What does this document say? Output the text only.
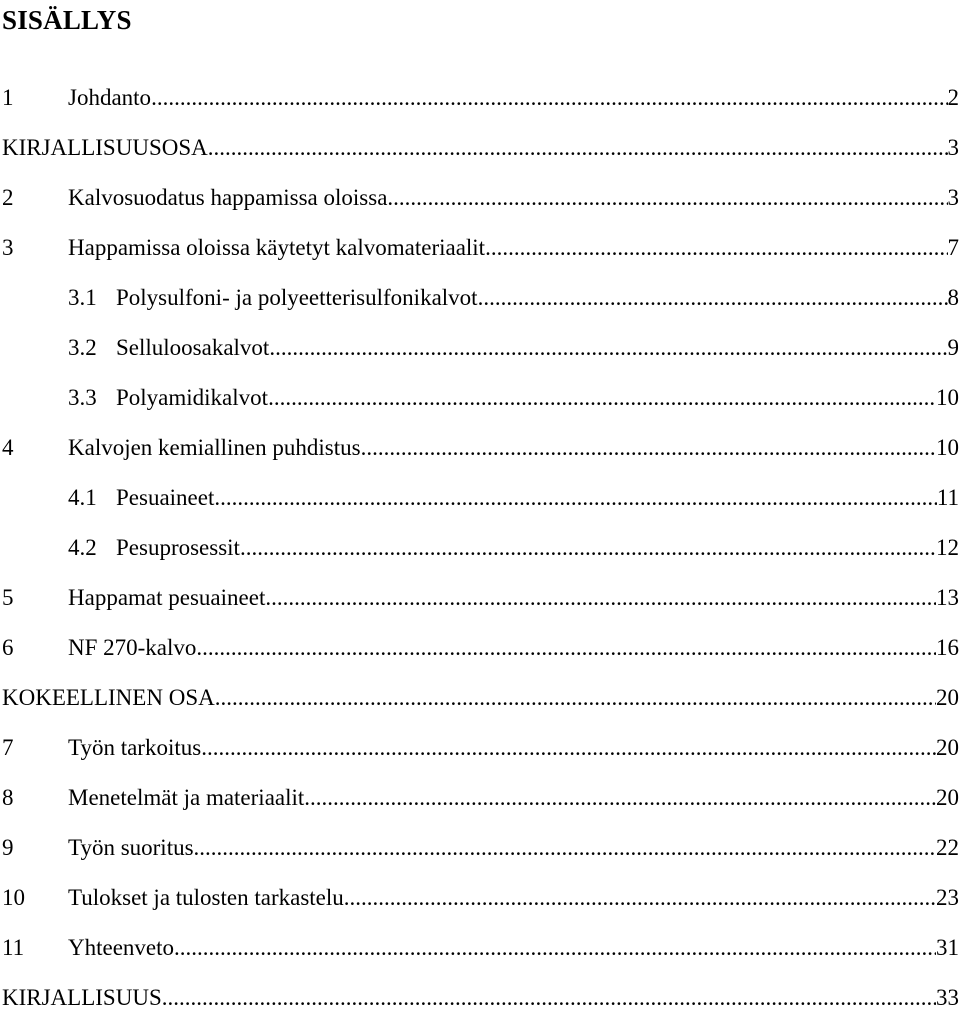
SISÄLLYS
1	Johdanto .....	2
KIRJALLISUUSOSA .....	3
2	Kalvosuodatus happamissa oloissa .....	3
3	Happamissa oloissa käytetyt kalvomateriaalit .....	7
3.1 Polysulfoni- ja polyeetterisulfonikalvot .....	8
3.2 Selluloosakalvot .....	9
3.3 Polyamidikalvot .....	10
4	Kalvojen kemiallinen puhdistus .....	10
4.1 Pesuaineet .....	11
4.2 Pesuprosessit .....	12
5	Happamat pesuaineet .....	13
6	NF 270-kalvo .....	16
KOKEELLINEN OSA .....	20
7	Työn tarkoitus .....	20
8	Menetelmät ja materiaalit .....	20
9	Työn suoritus .....	22
10	Tulokset ja tulosten tarkastelu .....	23
11	Yhteenveto .....	31
KIRJALLISUUS .....	33
